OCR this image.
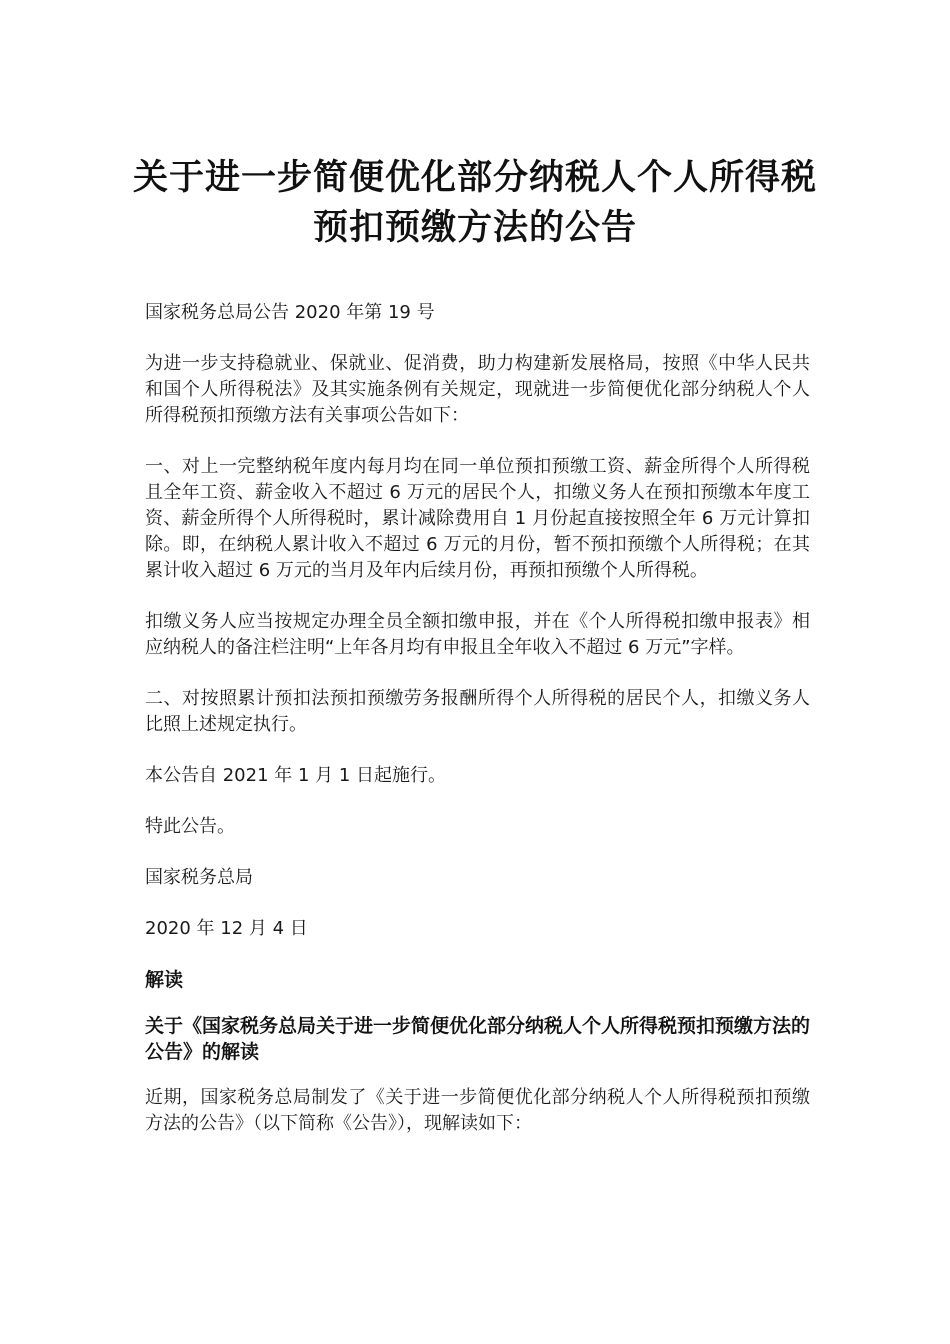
关于进一步简便优化部分纳税人个人所得税预扣预缴方法的公告

国家税务总局公告 2020 年第 19 号

为进一步支持稳就业、保就业、促消费，助力构建新发展格局，按照《中华人民共和国个人所得税法》及其实施条例有关规定，现就进一步简便优化部分纳税人个人所得税预扣预缴方法有关事项公告如下：

一、对上一完整纳税年度内每月均在同一单位预扣预缴工资、薪金所得个人所得税且全年工资、薪金收入不超过 6 万元的居民个人，扣缴义务人在预扣预缴本年度工资、薪金所得个人所得税时，累计减除费用自 1 月份起直接按照全年 6 万元计算扣除。即，在纳税人累计收入不超过 6 万元的月份，暂不预扣预缴个人所得税；在其累计收入超过 6 万元的当月及年内后续月份，再预扣预缴个人所得税。

扣缴义务人应当按规定办理全员全额扣缴申报，并在《个人所得税扣缴申报表》相应纳税人的备注栏注明“上年各月均有申报且全年收入不超过 6 万元”字样。

二、对按照累计预扣法预扣预缴劳务报酬所得个人所得税的居民个人，扣缴义务人比照上述规定执行。

本公告自 2021 年 1 月 1 日起施行。

特此公告。

国家税务总局

2020 年 12 月 4 日

解读
关于《国家税务总局关于进一步简便优化部分纳税人个人所得税预扣预缴方法的公告》的解读

近期，国家税务总局制发了《关于进一步简便优化部分纳税人个人所得税预扣预缴方法的公告》（以下简称《公告》），现解读如下：
